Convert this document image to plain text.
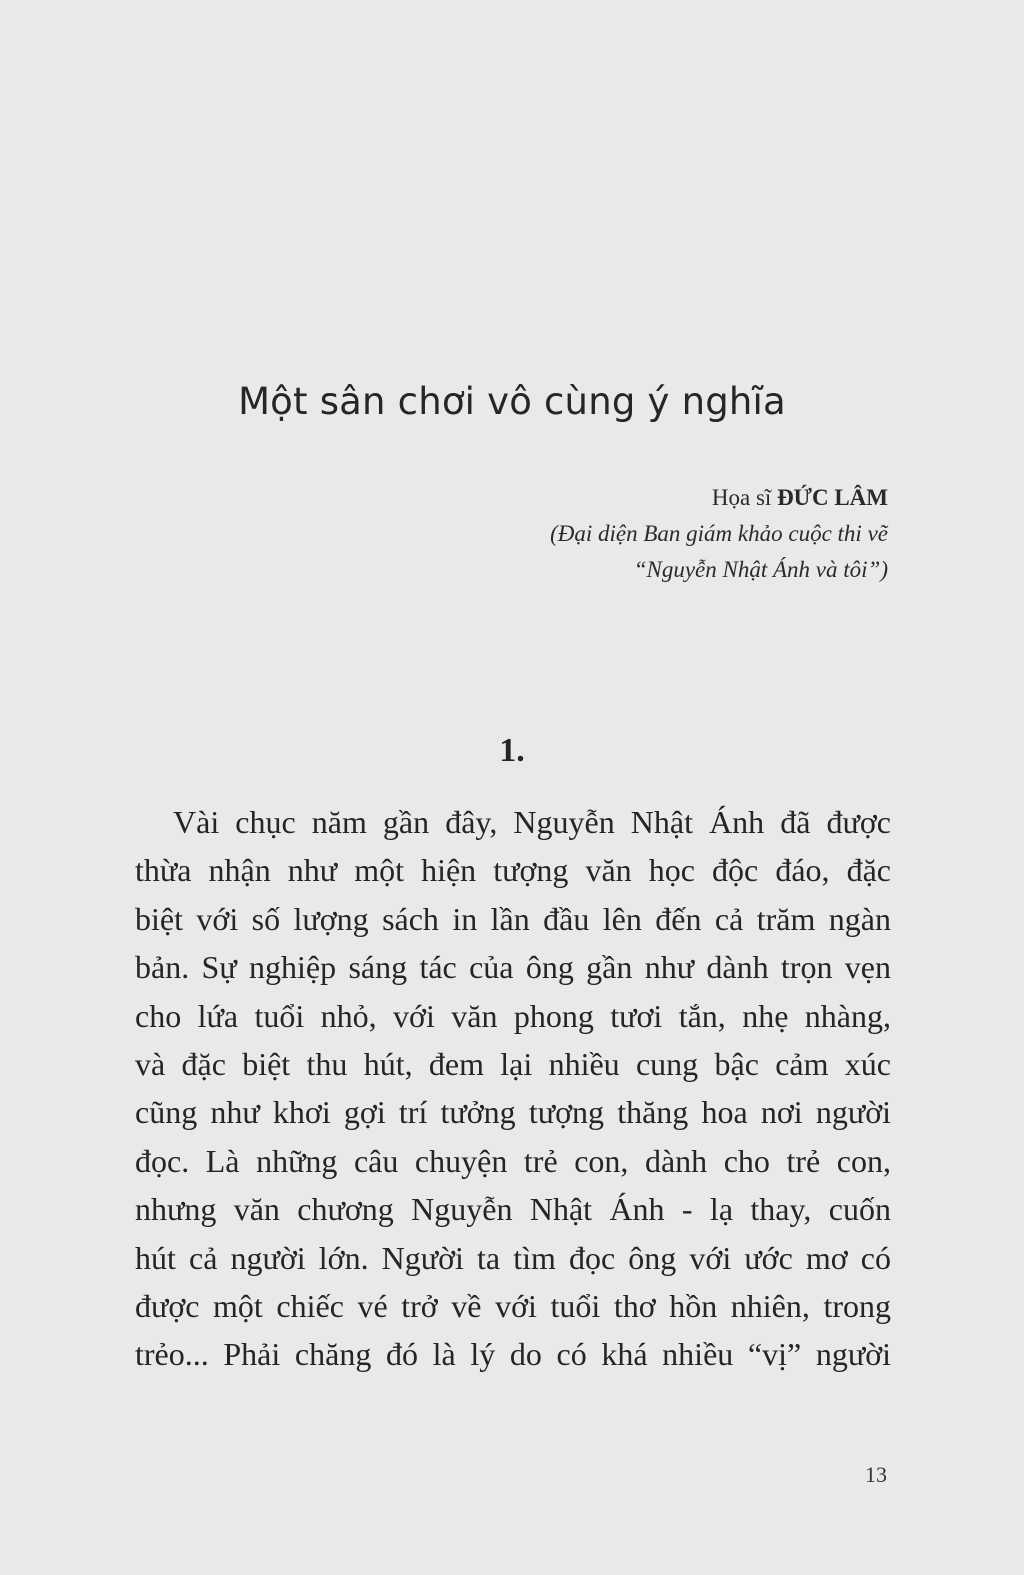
Một sân chơi vô cùng ý nghĩa
Họa sĩ ĐỨC LÂM
(Đại diện Ban giám khảo cuộc thi vẽ
“Nguyễn Nhật Ánh và tôi”)
1.
Vài chục năm gần đây, Nguyễn Nhật Ánh đã được
thừa nhận như một hiện tượng văn học độc đáo, đặc
biệt với số lượng sách in lần đầu lên đến cả trăm ngàn
bản. Sự nghiệp sáng tác của ông gần như dành trọn vẹn
cho lứa tuổi nhỏ, với văn phong tươi tắn, nhẹ nhàng,
và đặc biệt thu hút, đem lại nhiều cung bậc cảm xúc
cũng như khơi gợi trí tưởng tượng thăng hoa nơi người
đọc. Là những câu chuyện trẻ con, dành cho trẻ con,
nhưng văn chương Nguyễn Nhật Ánh - lạ thay, cuốn
hút cả người lớn. Người ta tìm đọc ông với ước mơ có
được một chiếc vé trở về với tuổi thơ hồn nhiên, trong
trẻo... Phải chăng đó là lý do có khá nhiều “vị” người
13
